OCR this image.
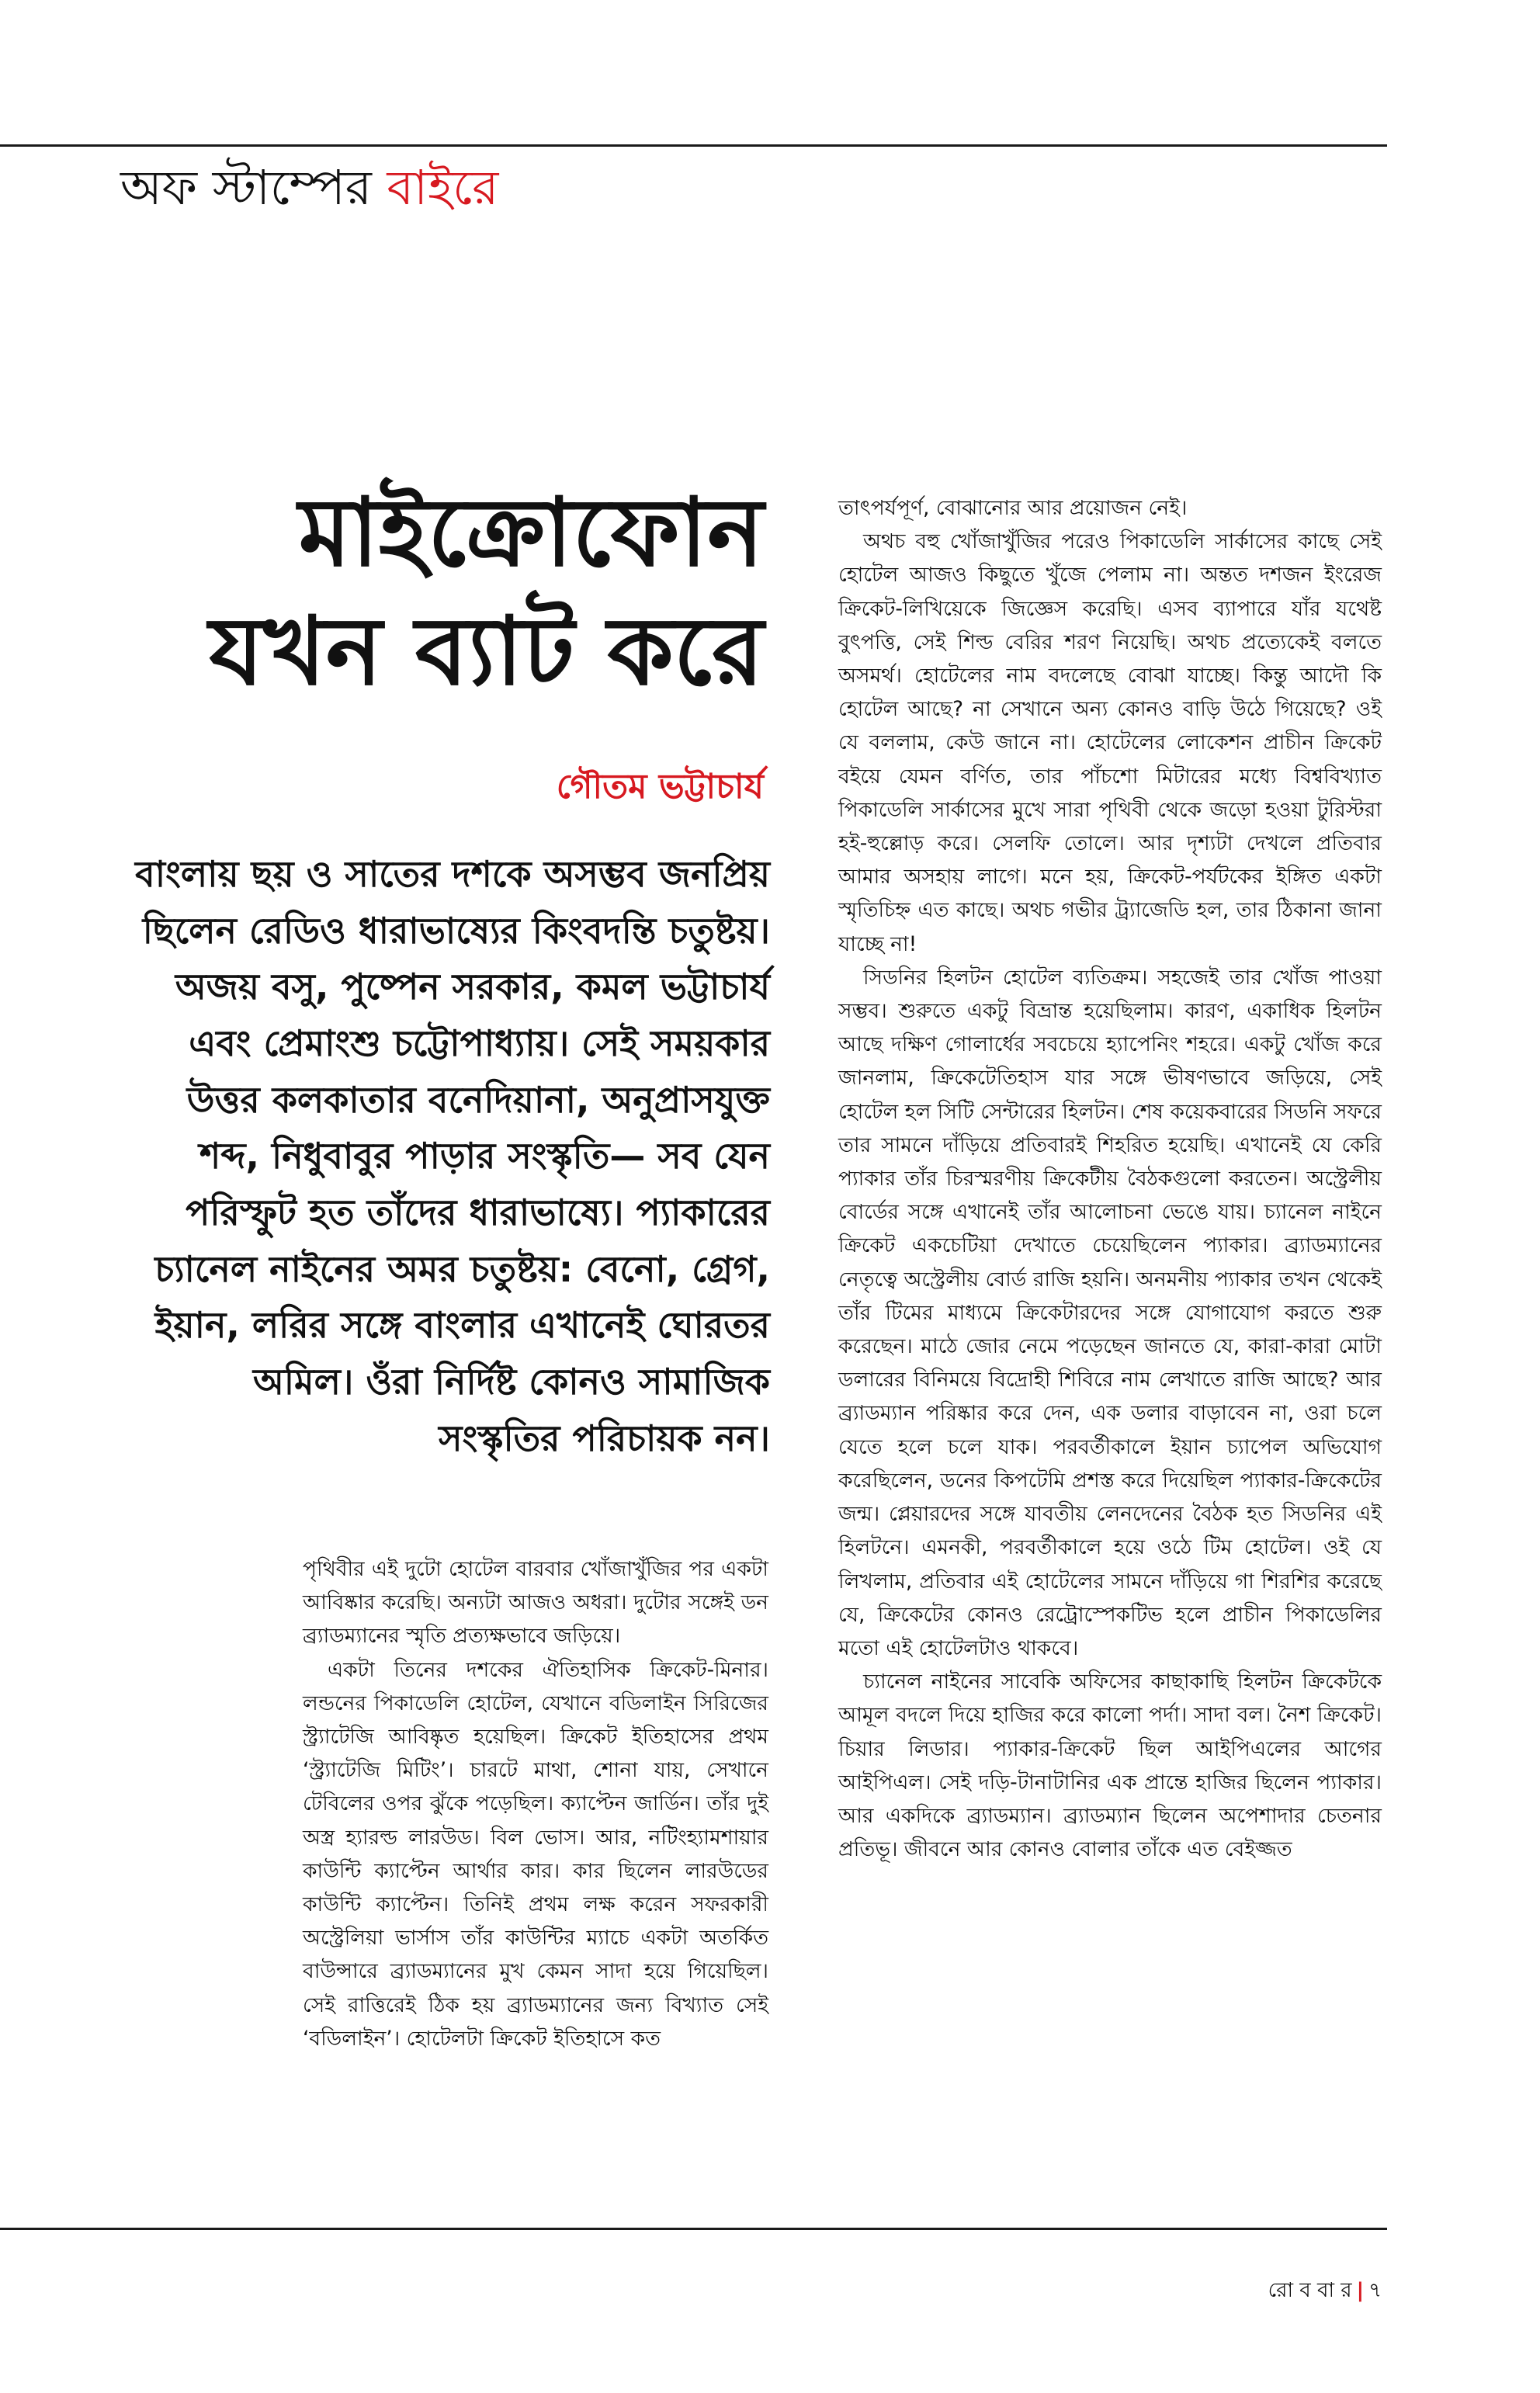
অফ স্টাম্পের বাইরে
মাইক্রোফোন
যখন ব্যাট করে
গৌতম ভট্টাচার্য

বাংলায় ছয় ও সাতের দশকে অসম্ভব জনপ্রিয় ছিলেন রেডিও ধারাভাষ্যের কিংবদন্তি চতুষ্টয়। অজয় বসু, পুষ্পেন সরকার, কমল ভট্টাচার্য এবং প্রেমাংশু চট্টোপাধ্যায়। সেই সময়কার উত্তর কলকাতার বনেদিয়ানা, অনুপ্রাসযুক্ত শব্দ, নিধুবাবুর পাড়ার সংস্কৃতি— সব যেন পরিস্ফুট হত তাঁদের ধারাভাষ্যে। প্যাকারের চ্যানেল নাইনের অমর চতুষ্টয়: বেনো, গ্রেগ, ইয়ান, লরির সঙ্গে বাংলার এখানেই ঘোরতর অমিল। ওঁরা নির্দিষ্ট কোনও সামাজিক সংস্কৃতির পরিচায়ক নন।

পৃথিবীর এই দুটো হোটেল বারবার খোঁজাখুঁজির পর একটা আবিষ্কার করেছি। অন্যটা আজও অধরা। দুটোর সঙ্গেই ডন ব্র্যাডম্যানের স্মৃতি প্রত্যক্ষভাবে জড়িয়ে।

একটা তিনের দশকের ঐতিহাসিক ক্রিকেট-মিনার। লন্ডনের পিকাডেলি হোটেল, যেখানে বডিলাইন সিরিজের স্ট্র্যাটেজি আবিষ্কৃত হয়েছিল। ক্রিকেট ইতিহাসের প্রথম ‘স্ট্র্যাটেজি মিটিং’। চারটে মাথা, শোনা যায়, সেখানে টেবিলের ওপর ঝুঁকে পড়েছিল। ক্যাপ্টেন জার্ডিন। তাঁর দুই অস্ত্র হ্যারল্ড লারউড। বিল ভোস। আর, নটিংহ্যামশায়ার কাউন্টি ক্যাপ্টেন আর্থার কার। কার ছিলেন লারউডের কাউন্টি ক্যাপ্টেন। তিনিই প্রথম লক্ষ করেন সফরকারী অস্ট্রেলিয়া ভার্সাস তাঁর কাউন্টির ম্যাচে একটা অতর্কিত বাউন্সারে ব্র্যাডম্যানের মুখ কেমন সাদা হয়ে গিয়েছিল। সেই রাত্তিরেই ঠিক হয় ব্র্যাডম্যানের জন্য বিখ্যাত সেই ‘বডিলাইন’। হোটেলটা ক্রিকেট ইতিহাসে কত

তাৎপর্যপূর্ণ, বোঝানোর আর প্রয়োজন নেই।

অথচ বহু খোঁজাখুঁজির পরেও পিকাডেলি সার্কাসের কাছে সেই হোটেল আজও কিছুতে খুঁজে পেলাম না। অন্তত দশজন ইংরেজ ক্রিকেট-লিখিয়েকে জিজ্ঞেস করেছি। এসব ব্যাপারে যাঁর যথেষ্ট বুৎপত্তি, সেই শিল্ড বেরির শরণ নিয়েছি। অথচ প্রত্যেকেই বলতে অসমর্থ। হোটেলের নাম বদলেছে বোঝা যাচ্ছে। কিন্তু আদৌ কি হোটেল আছে? না সেখানে অন্য কোনও বাড়ি উঠে গিয়েছে? ওই যে বললাম, কেউ জানে না। হোটেলের লোকেশন প্রাচীন ক্রিকেট বইয়ে যেমন বর্ণিত, তার পাঁচশো মিটারের মধ্যে বিশ্ববিখ্যাত পিকাডেলি সার্কাসের মুখে সারা পৃথিবী থেকে জড়ো হওয়া টুরিস্টরা হই-হুল্লোড় করে। সেলফি তোলে। আর দৃশ্যটা দেখলে প্রতিবার আমার অসহায় লাগে। মনে হয়, ক্রিকেট-পর্যটকের ইঙ্গিত একটা স্মৃতিচিহ্ন এত কাছে। অথচ গভীর ট্র্যাজেডি হল, তার ঠিকানা জানা যাচ্ছে না!

সিডনির হিলটন হোটেল ব্যতিক্রম। সহজেই তার খোঁজ পাওয়া সম্ভব। শুরুতে একটু বিভ্রান্ত হয়েছিলাম। কারণ, একাধিক হিলটন আছে দক্ষিণ গোলার্ধের সবচেয়ে হ্যাপেনিং শহরে। একটু খোঁজ করে জানলাম, ক্রিকেটেতিহাস যার সঙ্গে ভীষণভাবে জড়িয়ে, সেই হোটেল হল সিটি সেন্টারের হিলটন। শেষ কয়েকবারের সিডনি সফরে তার সামনে দাঁড়িয়ে প্রতিবারই শিহরিত হয়েছি। এখানেই যে কেরি প্যাকার তাঁর চিরস্মরণীয় ক্রিকেটীয় বৈঠকগুলো করতেন। অস্ট্রেলীয় বোর্ডের সঙ্গে এখানেই তাঁর আলোচনা ভেঙে যায়। চ্যানেল নাইনে ক্রিকেট একচেটিয়া দেখাতে চেয়েছিলেন প্যাকার। ব্র্যাডম্যানের নেতৃত্বে অস্ট্রেলীয় বোর্ড রাজি হয়নি। অনমনীয় প্যাকার তখন থেকেই তাঁর টিমের মাধ্যমে ক্রিকেটারদের সঙ্গে যোগাযোগ করতে শুরু করেছেন। মাঠে জোর নেমে পড়েছেন জানতে যে, কারা-কারা মোটা ডলারের বিনিময়ে বিদ্রোহী শিবিরে নাম লেখাতে রাজি আছে? আর ব্র্যাডম্যান পরিষ্কার করে দেন, এক ডলার বাড়াবেন না, ওরা চলে যেতে হলে চলে যাক। পরবর্তীকালে ইয়ান চ্যাপেল অভিযোগ করেছিলেন, ডনের কিপটেমি প্রশস্ত করে দিয়েছিল প্যাকার-ক্রিকেটের জন্ম। প্লেয়ারদের সঙ্গে যাবতীয় লেনদেনের বৈঠক হত সিডনির এই হিলটনে। এমনকী, পরবর্তীকালে হয়ে ওঠে টিম হোটেল। ওই যে লিখলাম, প্রতিবার এই হোটেলের সামনে দাঁড়িয়ে গা শিরশির করেছে যে, ক্রিকেটের কোনও রেট্রোস্পেকটিভ হলে প্রাচীন পিকাডেলির মতো এই হোটেলটাও থাকবে।

চ্যানেল নাইনের সাবেকি অফিসের কাছাকাছি হিলটন ক্রিকেটকে আমূল বদলে দিয়ে হাজির করে কালো পর্দা। সাদা বল। নৈশ ক্রিকেট। চিয়ার লিডার। প্যাকার-ক্রিকেট ছিল আইপিএলের আগের আইপিএল। সেই দড়ি-টানাটানির এক প্রান্তে হাজির ছিলেন প্যাকার। আর একদিকে ব্র্যাডম্যান। ব্র্যাডম্যান ছিলেন অপেশাদার চেতনার প্রতিভূ। জীবনে আর কোনও বোলার তাঁকে এত বেইজ্জত

রো ব বা র | ৭
